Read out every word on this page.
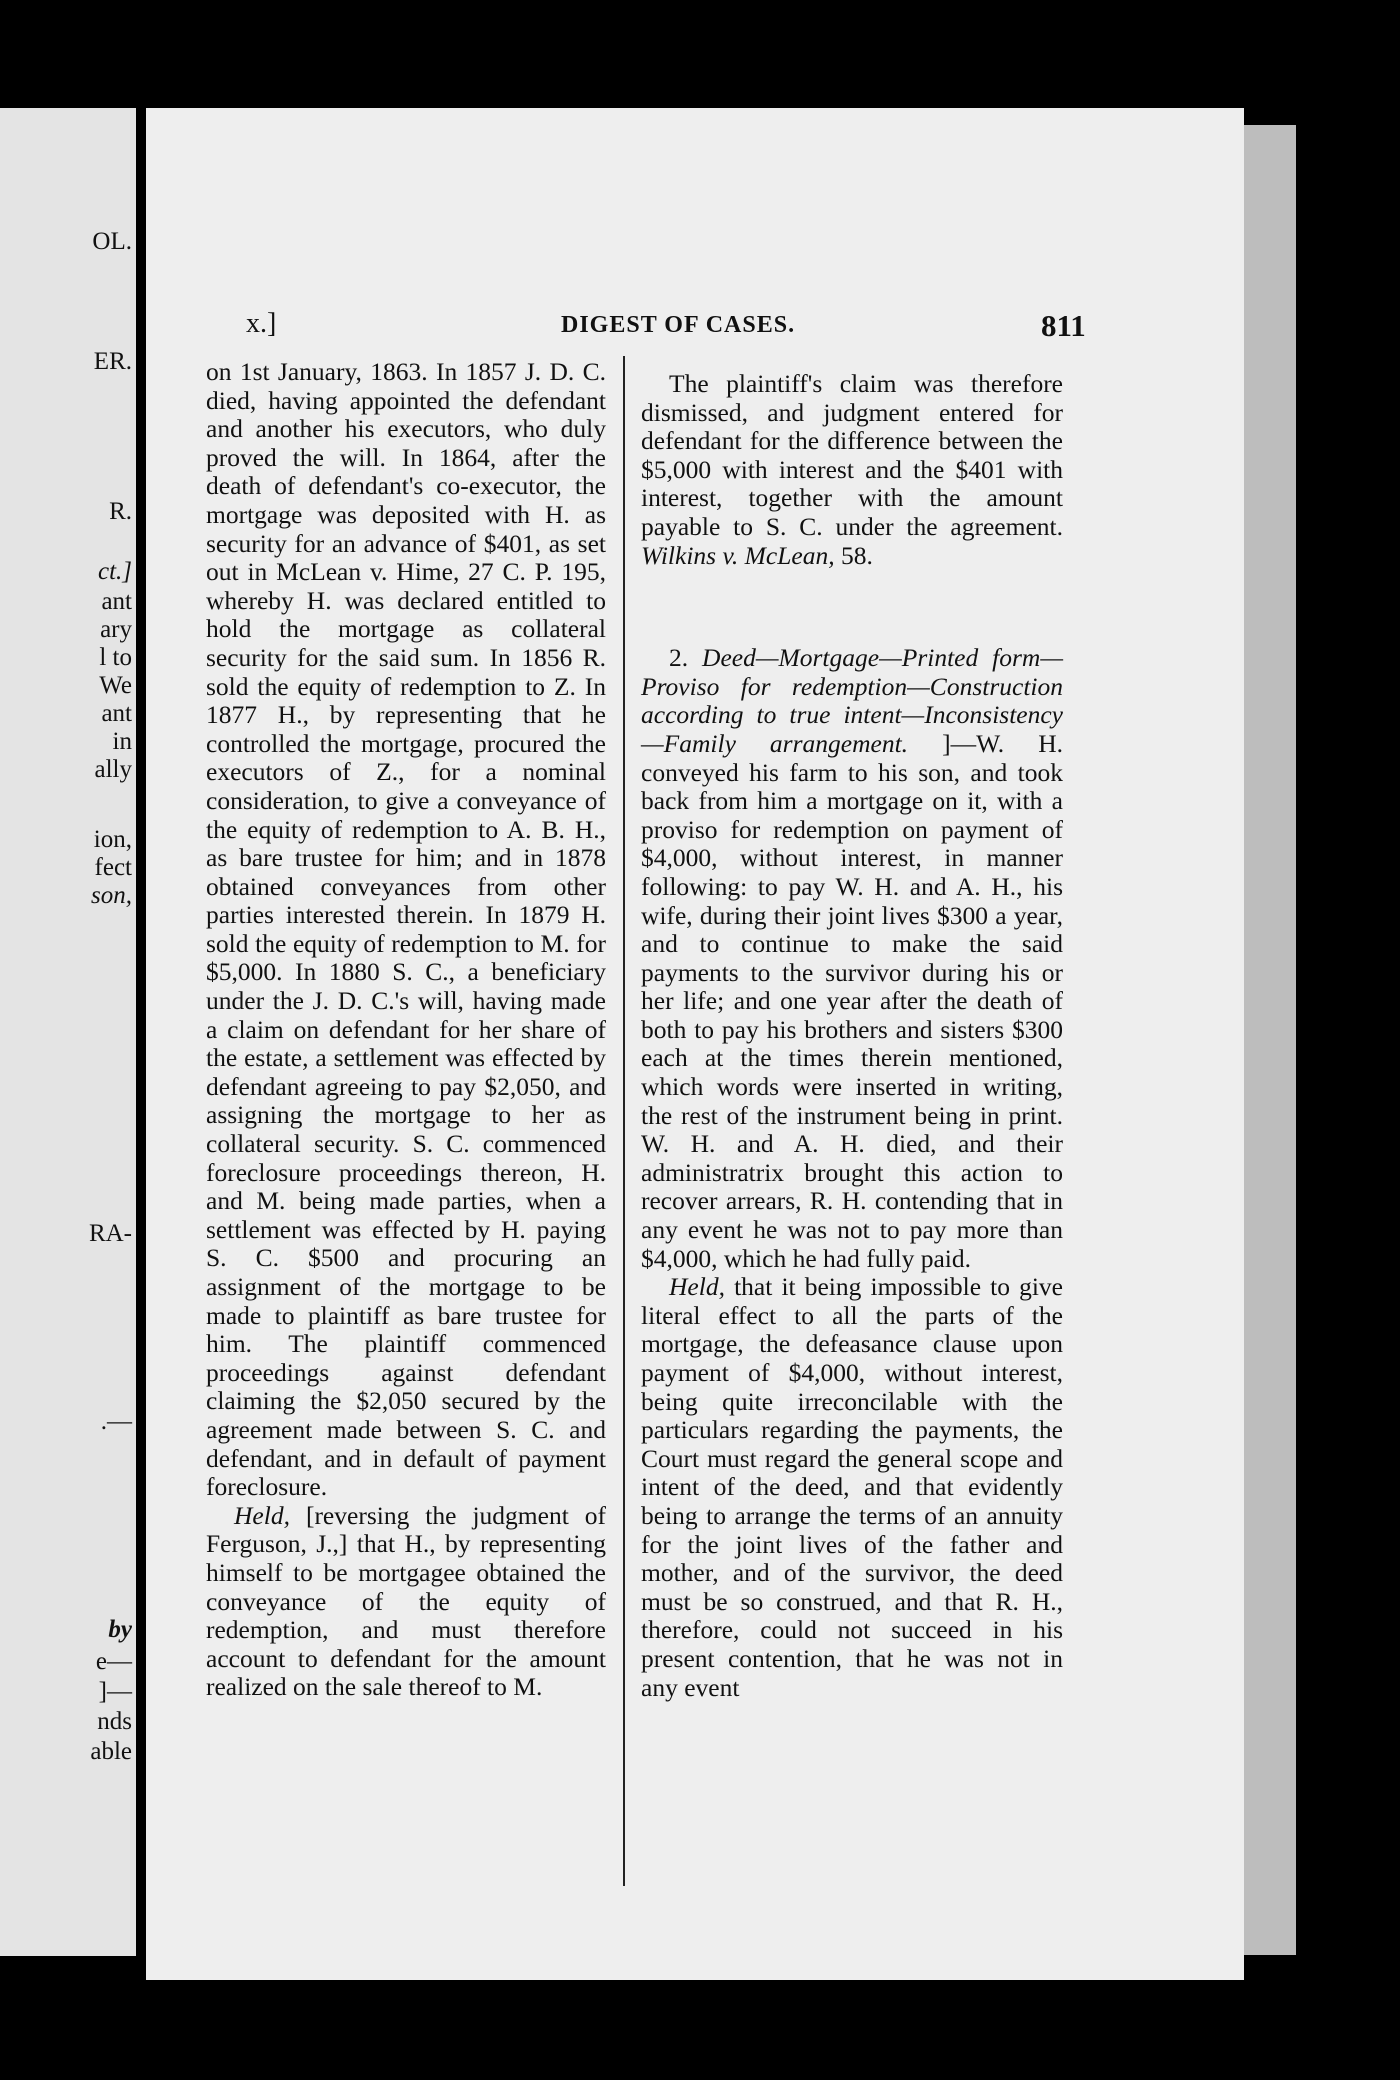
OL.
ER.
R.
ct.]
ant
ary
l to
We
ant
in
ally
ion,
fect
son,
RA-
.—
by
e—
]—
nds
able
x.]	DIGEST OF CASES.	811

on 1st January, 1863. In 1857 J. D. C. died, having appointed the defendant and another his executors, who duly proved the will. In 1864, after the death of defendant's co-executor, the mortgage was deposited with H. as security for an advance of $401, as set out in McLean v. Hime, 27 C. P. 195, whereby H. was declared entitled to hold the mortgage as collateral security for the said sum. In 1856 R. sold the equity of redemption to Z. In 1877 H., by representing that he controlled the mortgage, procured the executors of Z., for a nominal consideration, to give a conveyance of the equity of redemption to A. B. H., as bare trustee for him; and in 1878 obtained conveyances from other parties interested therein. In 1879 H. sold the equity of redemption to M. for $5,000. In 1880 S. C., a beneficiary under the J. D. C.'s will, having made a claim on defendant for her share of the estate, a settlement was effected by defendant agreeing to pay $2,050, and assigning the mortgage to her as collateral security. S. C. commenced foreclosure proceedings thereon, H. and M. being made parties, when a settlement was effected by H. paying S. C. $500 and procuring an assignment of the mortgage to be made to plaintiff as bare trustee for him. The plaintiff commenced proceedings against defendant claiming the $2,050 secured by the agreement made between S. C. and defendant, and in default of payment foreclosure.

Held, [reversing the judgment of Ferguson, J.,] that H., by representing himself to be mortgagee obtained the conveyance of the equity of redemption, and must therefore account to defendant for the amount realized on the sale thereof to M.

The plaintiff's claim was therefore dismissed, and judgment entered for defendant for the difference between the $5,000 with interest and the $401 with interest, together with the amount payable to S. C. under the agreement. Wilkins v. McLean, 58.

2. Deed—Mortgage—Printed form—Proviso for redemption—Construction according to true intent—Inconsistency—Family arrangement. ]—W. H. conveyed his farm to his son, and took back from him a mortgage on it, with a proviso for redemption on payment of $4,000, without interest, in manner following: to pay W. H. and A. H., his wife, during their joint lives $300 a year, and to continue to make the said payments to the survivor during his or her life; and one year after the death of both to pay his brothers and sisters $300 each at the times therein mentioned, which words were inserted in writing, the rest of the instrument being in print. W. H. and A. H. died, and their administratrix brought this action to recover arrears, R. H. contending that in any event he was not to pay more than $4,000, which he had fully paid.

Held, that it being impossible to give literal effect to all the parts of the mortgage, the defeasance clause upon payment of $4,000, without interest, being quite irreconcilable with the particulars regarding the payments, the Court must regard the general scope and intent of the deed, and that evidently being to arrange the terms of an annuity for the joint lives of the father and mother, and of the survivor, the deed must be so construed, and that R. H., therefore, could not succeed in his present contention, that he was not in any event
